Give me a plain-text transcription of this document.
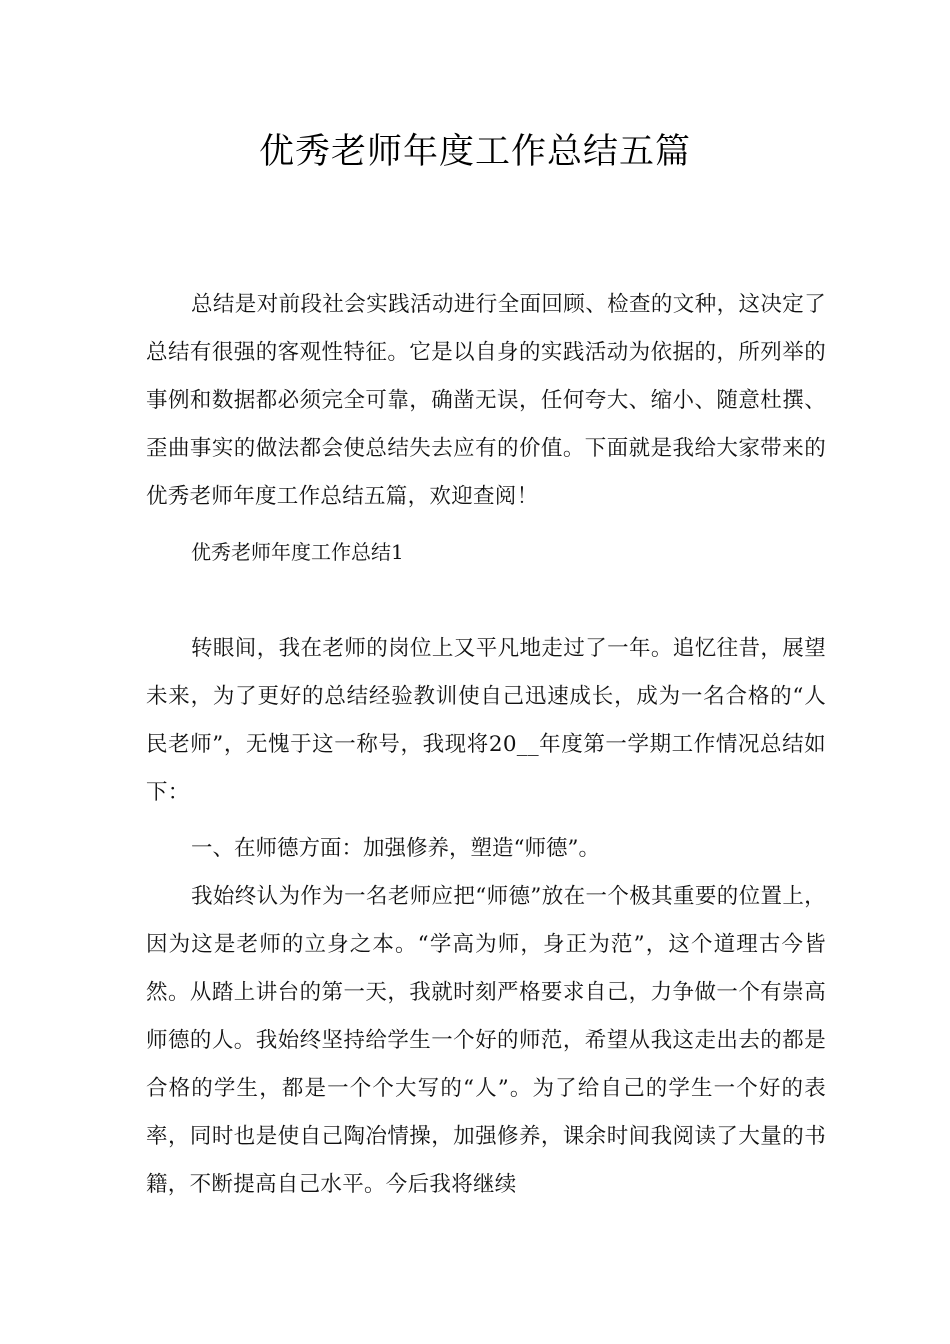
优秀老师年度工作总结五篇

总结是对前段社会实践活动进行全面回顾、检查的文种，这决定了总结有很强的客观性特征。它是以自身的实践活动为依据的，所列举的事例和数据都必须完全可靠，确凿无误，任何夸大、缩小、随意杜撰、歪曲事实的做法都会使总结失去应有的价值。下面就是我给大家带来的优秀老师年度工作总结五篇，欢迎查阅！

优秀老师年度工作总结1

转眼间，我在老师的岗位上又平凡地走过了一年。追忆往昔，展望未来，为了更好的总结经验教训使自己迅速成长，成为一名合格的“人民老师”，无愧于这一称号，我现将20__年度第一学期工作情况总结如下：

一、在师德方面：加强修养，塑造“师德”。

我始终认为作为一名老师应把“师德”放在一个极其重要的位置上，因为这是老师的立身之本。“学高为师，身正为范”，这个道理古今皆然。从踏上讲台的第一天，我就时刻严格要求自己，力争做一个有崇高师德的人。我始终坚持给学生一个好的师范，希望从我这走出去的都是合格的学生，都是一个个大写的“人”。为了给自己的学生一个好的表率，同时也是使自己陶冶情操，加强修养，课余时间我阅读了大量的书籍，不断提高自己水平。今后我将继续
